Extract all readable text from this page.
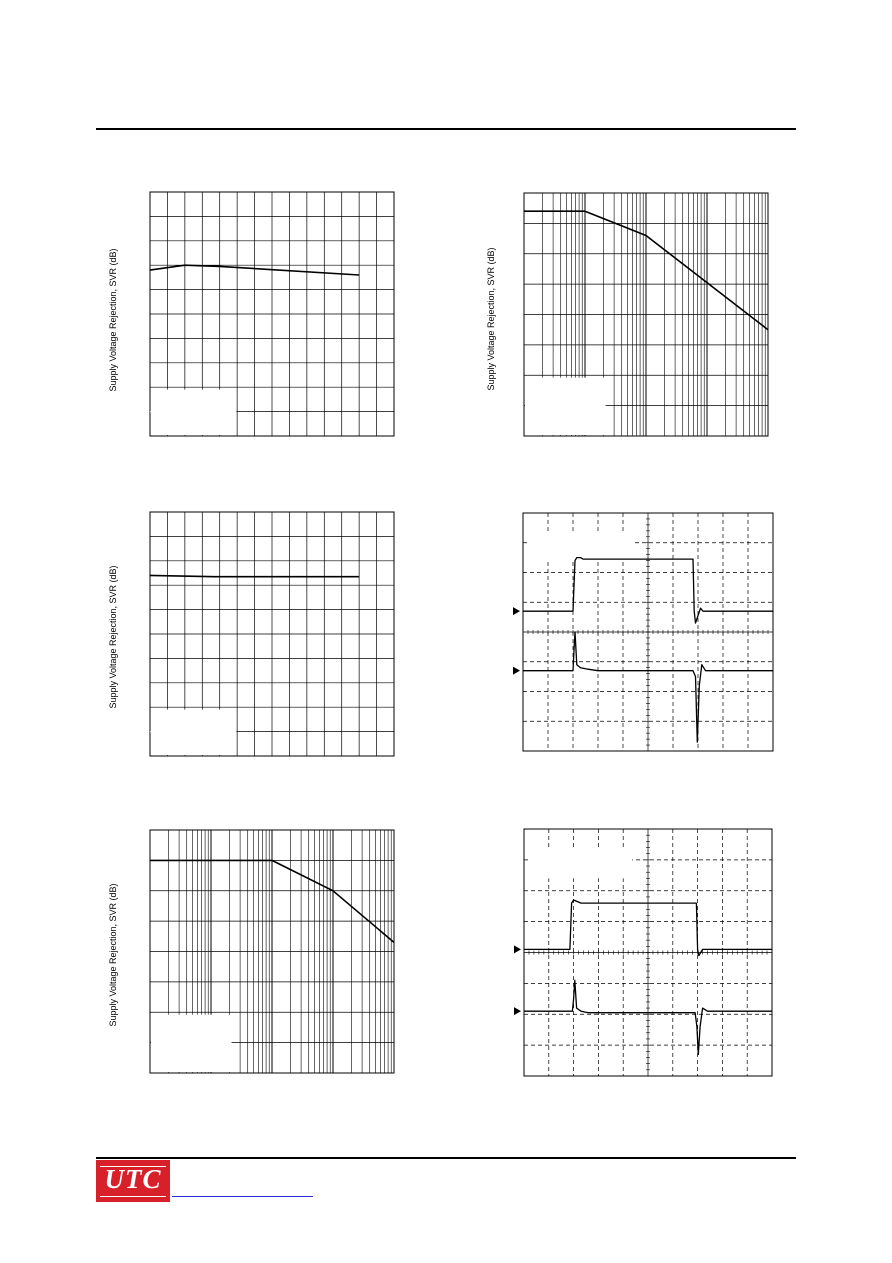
Supply Voltage Rejection, SVR (dB)
Supply Voltage Rejection, SVR (dB)
Supply Voltage Rejection, SVR (dB)
Supply Voltage Rejection, SVR (dB)
UTC
